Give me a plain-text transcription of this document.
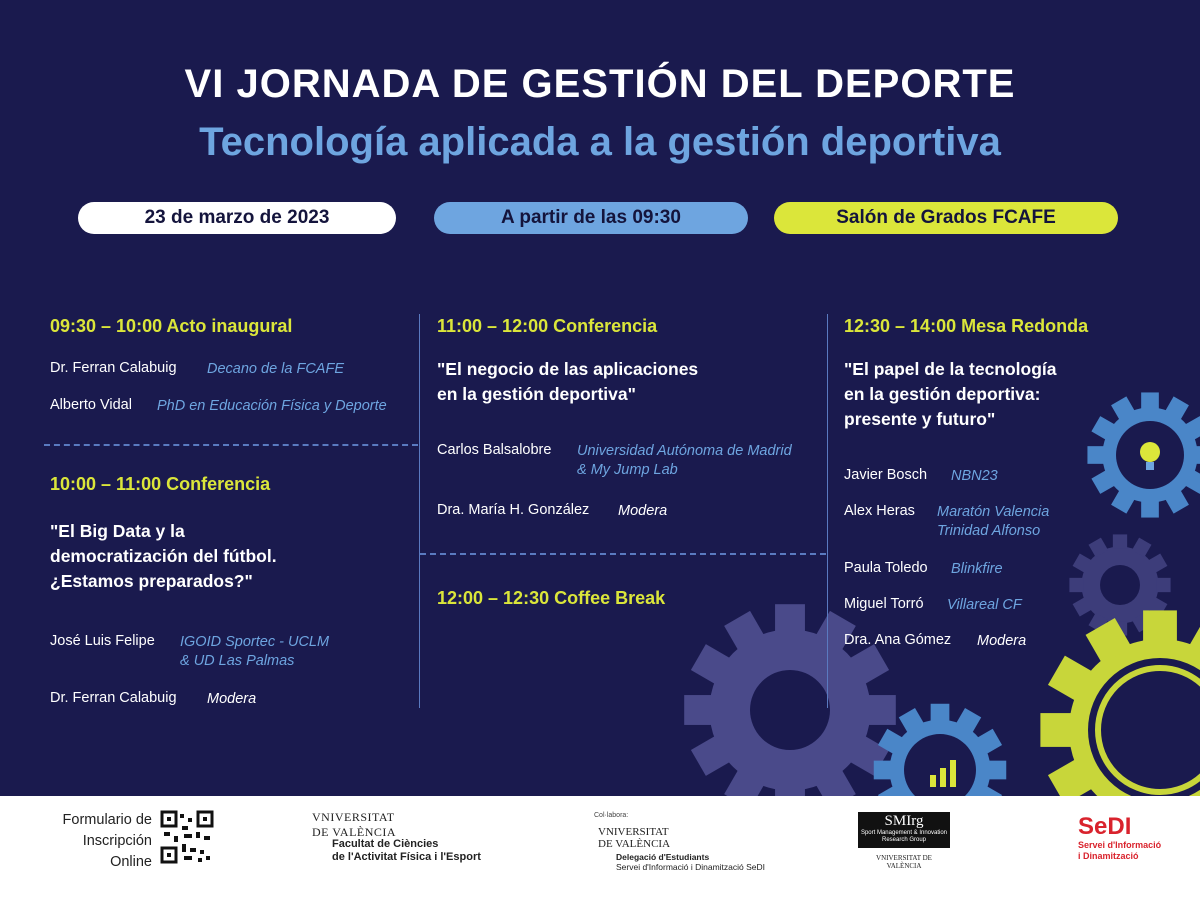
VI JORNADA DE GESTIÓN DEL DEPORTE
Tecnología aplicada a la gestión deportiva
23 de marzo de 2023	A partir de las 09:30	Salón de Grados FCAFE
09:30 – 10:00 Acto inaugural
Dr. Ferran Calabuig Decano de la FCAFE
Alberto Vidal PhD en Educación Física y Deporte
10:00 – 11:00 Conferencia
"El Big Data y la
democratización del fútbol.
¿Estamos preparados?"
José Luis Felipe IGOID Sportec - UCLM
& UD Las Palmas
Dr. Ferran Calabuig Modera
11:00 – 12:00 Conferencia
"El negocio de las aplicaciones
en la gestión deportiva"
Carlos Balsalobre Universidad Autónoma de Madrid
& My Jump Lab
Dra. María H. González Modera
12:00 – 12:30 Coffee Break
12:30 – 14:00 Mesa Redonda
"El papel de la tecnología
en la gestión deportiva:
presente y futuro"
Javier Bosch NBN23
Alex Heras Maratón Valencia
Trinidad Alfonso
Paula Toledo Blinkfire
Miguel Torró Villareal CF
Dra. Ana Gómez Modera
Formulario de
Inscripción
Online
VNIVERSITAT
DE VALÈNCIA
Facultat de Ciències
de l'Activitat Física i l'Esport
Col·labora:
VNIVERSITAT
DE VALÈNCIA
Delegació d'Estudiants
Servei d'Informació i Dinamització SeDI
SMIrg
Sport Management & Innovation
Research Group
VNIVERSITAT DE VALÈNCIA
SeDI
Servei d'Informació
i Dinamització
